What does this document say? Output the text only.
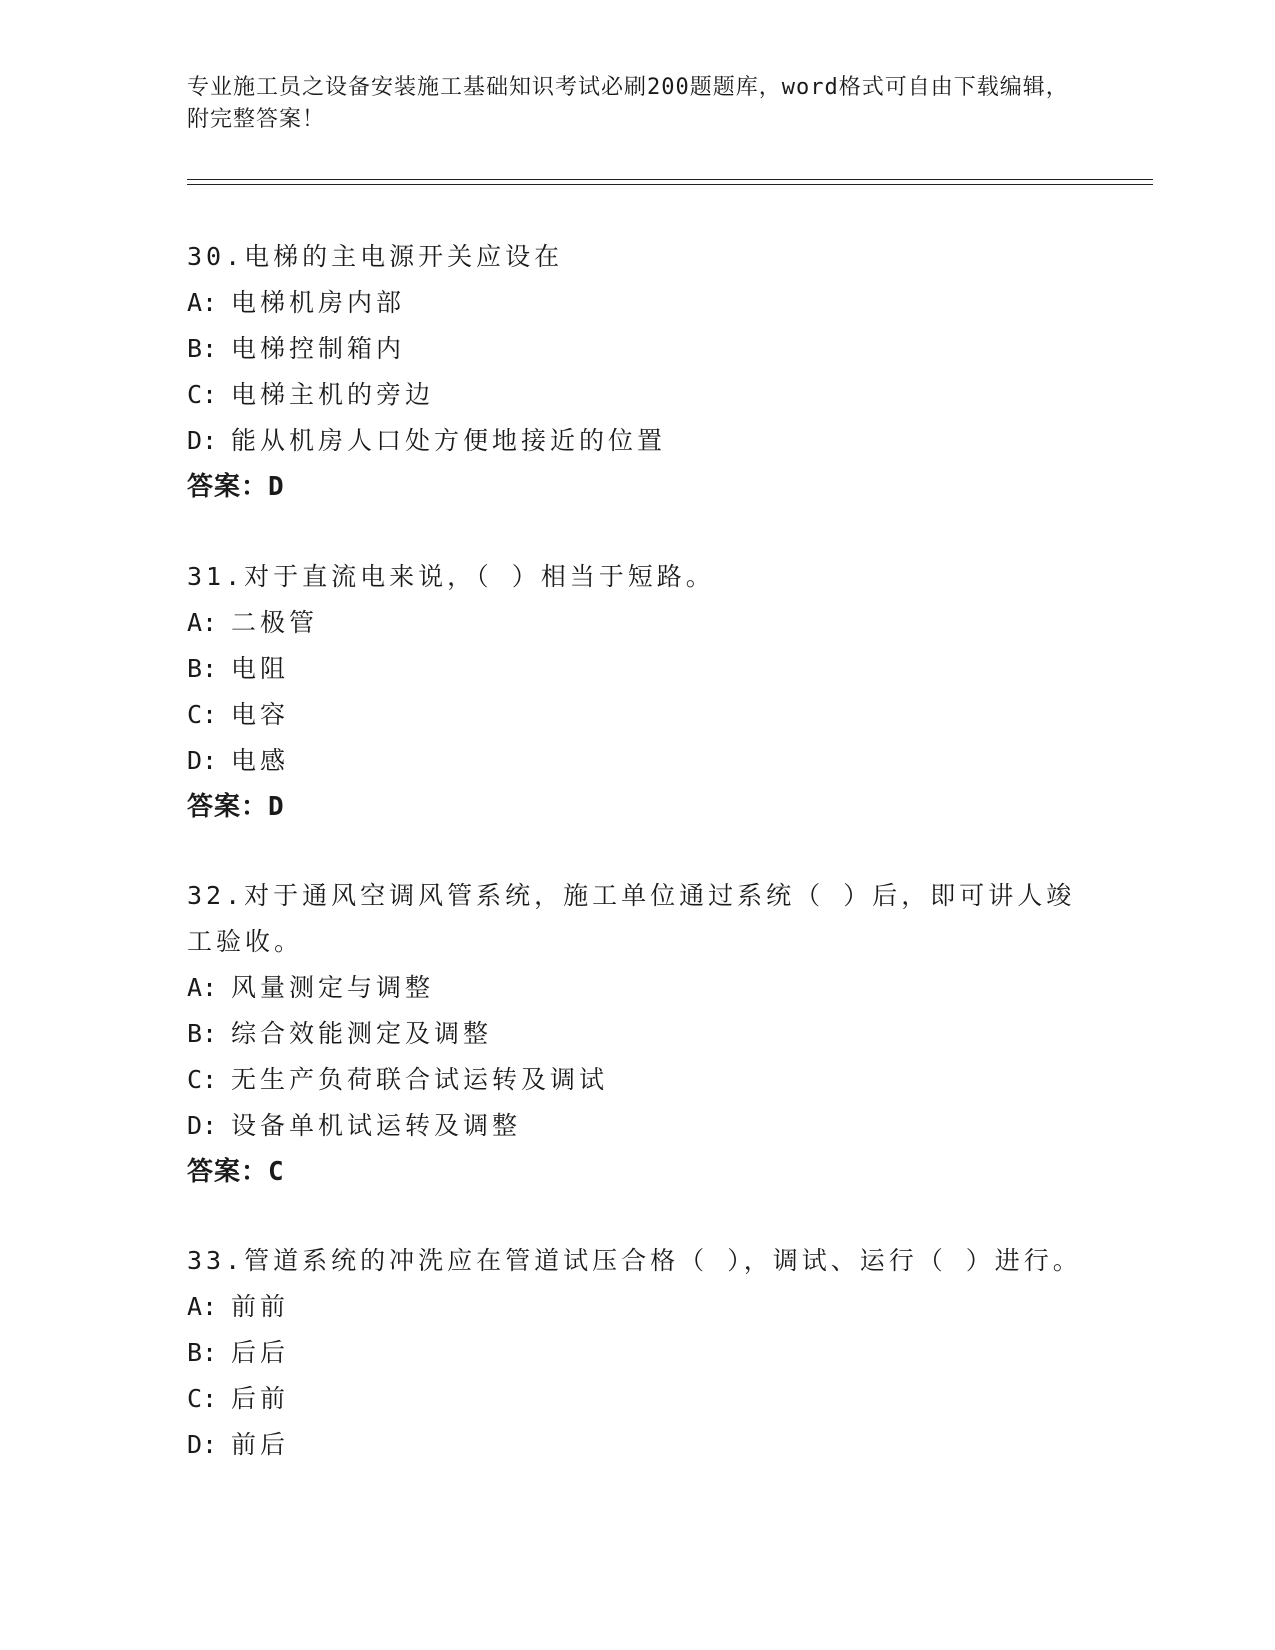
专业施工员之设备安装施工基础知识考试必刷200题题库，word格式可自由下载编辑，附完整答案！

30.电梯的主电源开关应设在

A: 电梯机房内部

B: 电梯控制箱内

C: 电梯主机的旁边

D: 能从机房人口处方便地接近的位置

答案：D

31.对于直流电来说，（ ）相当于短路。

A: 二极管

B: 电阻

C: 电容

D: 电感

答案：D

32.对于通风空调风管系统，施工单位通过系统（ ）后，即可讲人竣工验收。

A: 风量测定与调整

B: 综合效能测定及调整

C: 无生产负荷联合试运转及调试

D: 设备单机试运转及调整

答案：C

33.管道系统的冲洗应在管道试压合格（ ），调试、运行（ ）进行。

A: 前前

B: 后后

C: 后前

D: 前后
